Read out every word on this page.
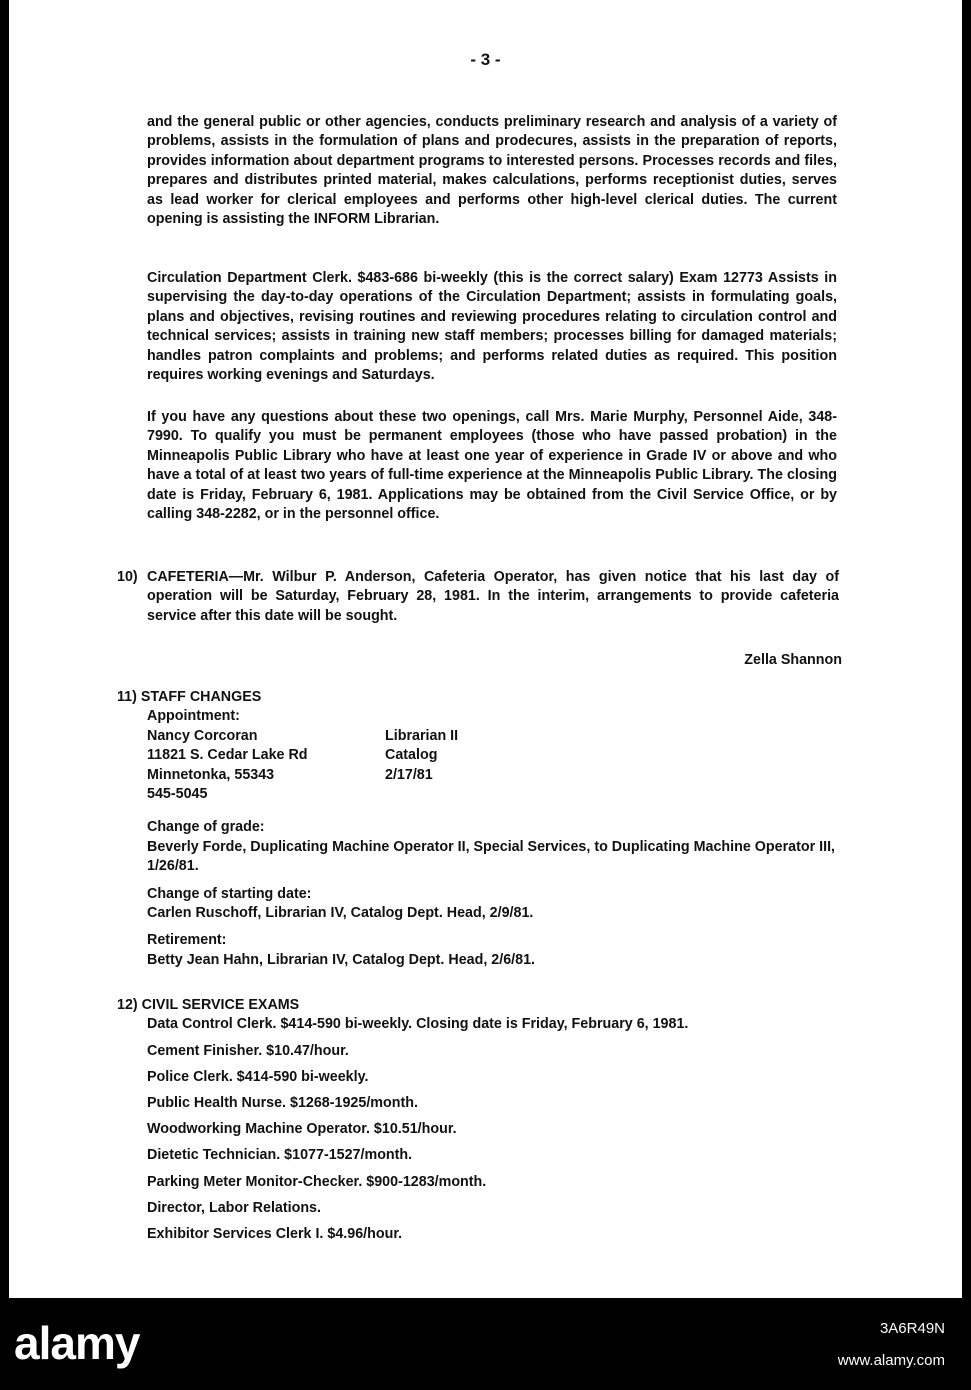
- 3 -
and the general public or other agencies, conducts preliminary research and analysis of a variety of problems, assists in the formulation of plans and prodecures, assists in the preparation of reports, provides information about department programs to interested persons. Processes records and files, prepares and distributes printed material, makes calculations, performs receptionist duties, serves as lead worker for clerical employees and performs other high-level clerical duties. The current opening is assisting the INFORM Librarian.
Circulation Department Clerk. $483-686 bi-weekly (this is the correct salary) Exam 12773 Assists in supervising the day-to-day operations of the Circulation Department; assists in formulating goals, plans and objectives, revising routines and reviewing procedures relating to circulation control and technical services; assists in training new staff members; processes billing for damaged materials; handles patron complaints and problems; and performs related duties as required. This position requires working evenings and Saturdays.
If you have any questions about these two openings, call Mrs. Marie Murphy, Personnel Aide, 348-7990. To qualify you must be permanent employees (those who have passed probation) in the Minneapolis Public Library who have at least one year of experience in Grade IV or above and who have a total of at least two years of full-time experience at the Minneapolis Public Library. The closing date is Friday, February 6, 1981. Applications may be obtained from the Civil Service Office, or by calling 348-2282, or in the personnel office.
10) CAFETERIA—Mr. Wilbur P. Anderson, Cafeteria Operator, has given notice that his last day of operation will be Saturday, February 28, 1981. In the interim, arrangements to provide cafeteria service after this date will be sought.
Zella Shannon
11) STAFF CHANGES
Appointment:
Nancy Corcoran
11821 S. Cedar Lake Rd
Minnetonka, 55343
545-5045
Librarian II
Catalog
2/17/81
Change of grade:
Beverly Forde, Duplicating Machine Operator II, Special Services, to Duplicating Machine Operator III, 1/26/81.
Change of starting date:
Carlen Ruschoff, Librarian IV, Catalog Dept. Head, 2/9/81.
Retirement:
Betty Jean Hahn, Librarian IV, Catalog Dept. Head, 2/6/81.
12) CIVIL SERVICE EXAMS
Data Control Clerk. $414-590 bi-weekly. Closing date is Friday, February 6, 1981.
Cement Finisher. $10.47/hour.
Police Clerk. $414-590 bi-weekly.
Public Health Nurse. $1268-1925/month.
Woodworking Machine Operator. $10.51/hour.
Dietetic Technician. $1077-1527/month.
Parking Meter Monitor-Checker. $900-1283/month.
Director, Labor Relations.
Exhibitor Services Clerk I. $4.96/hour.
alamy	3A6R49N
www.alamy.com
